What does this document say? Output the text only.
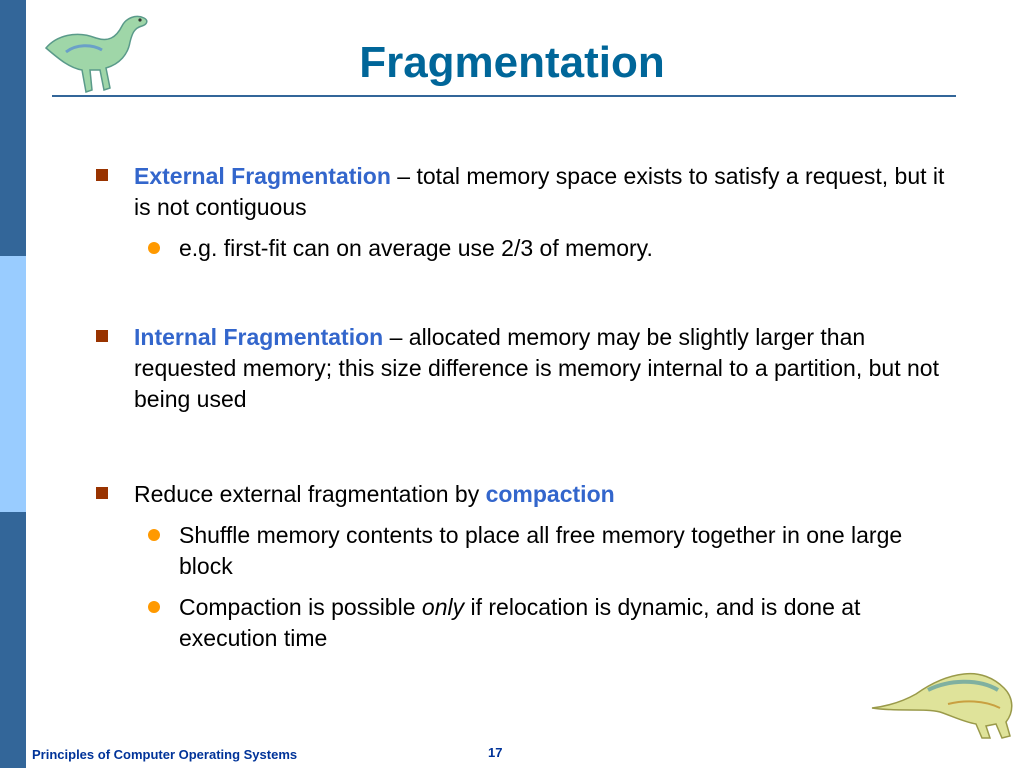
Fragmentation
External Fragmentation – total memory space exists to satisfy a request, but it is not contiguous
e.g. first-fit can on average use 2/3 of memory.
Internal Fragmentation – allocated memory may be slightly larger than requested memory; this size difference is memory internal to a partition, but not being used
Reduce external fragmentation by compaction
Shuffle memory contents to place all free memory together in one large block
Compaction is possible only if relocation is dynamic, and is done at execution time
Principles of Computer Operating Systems	17
